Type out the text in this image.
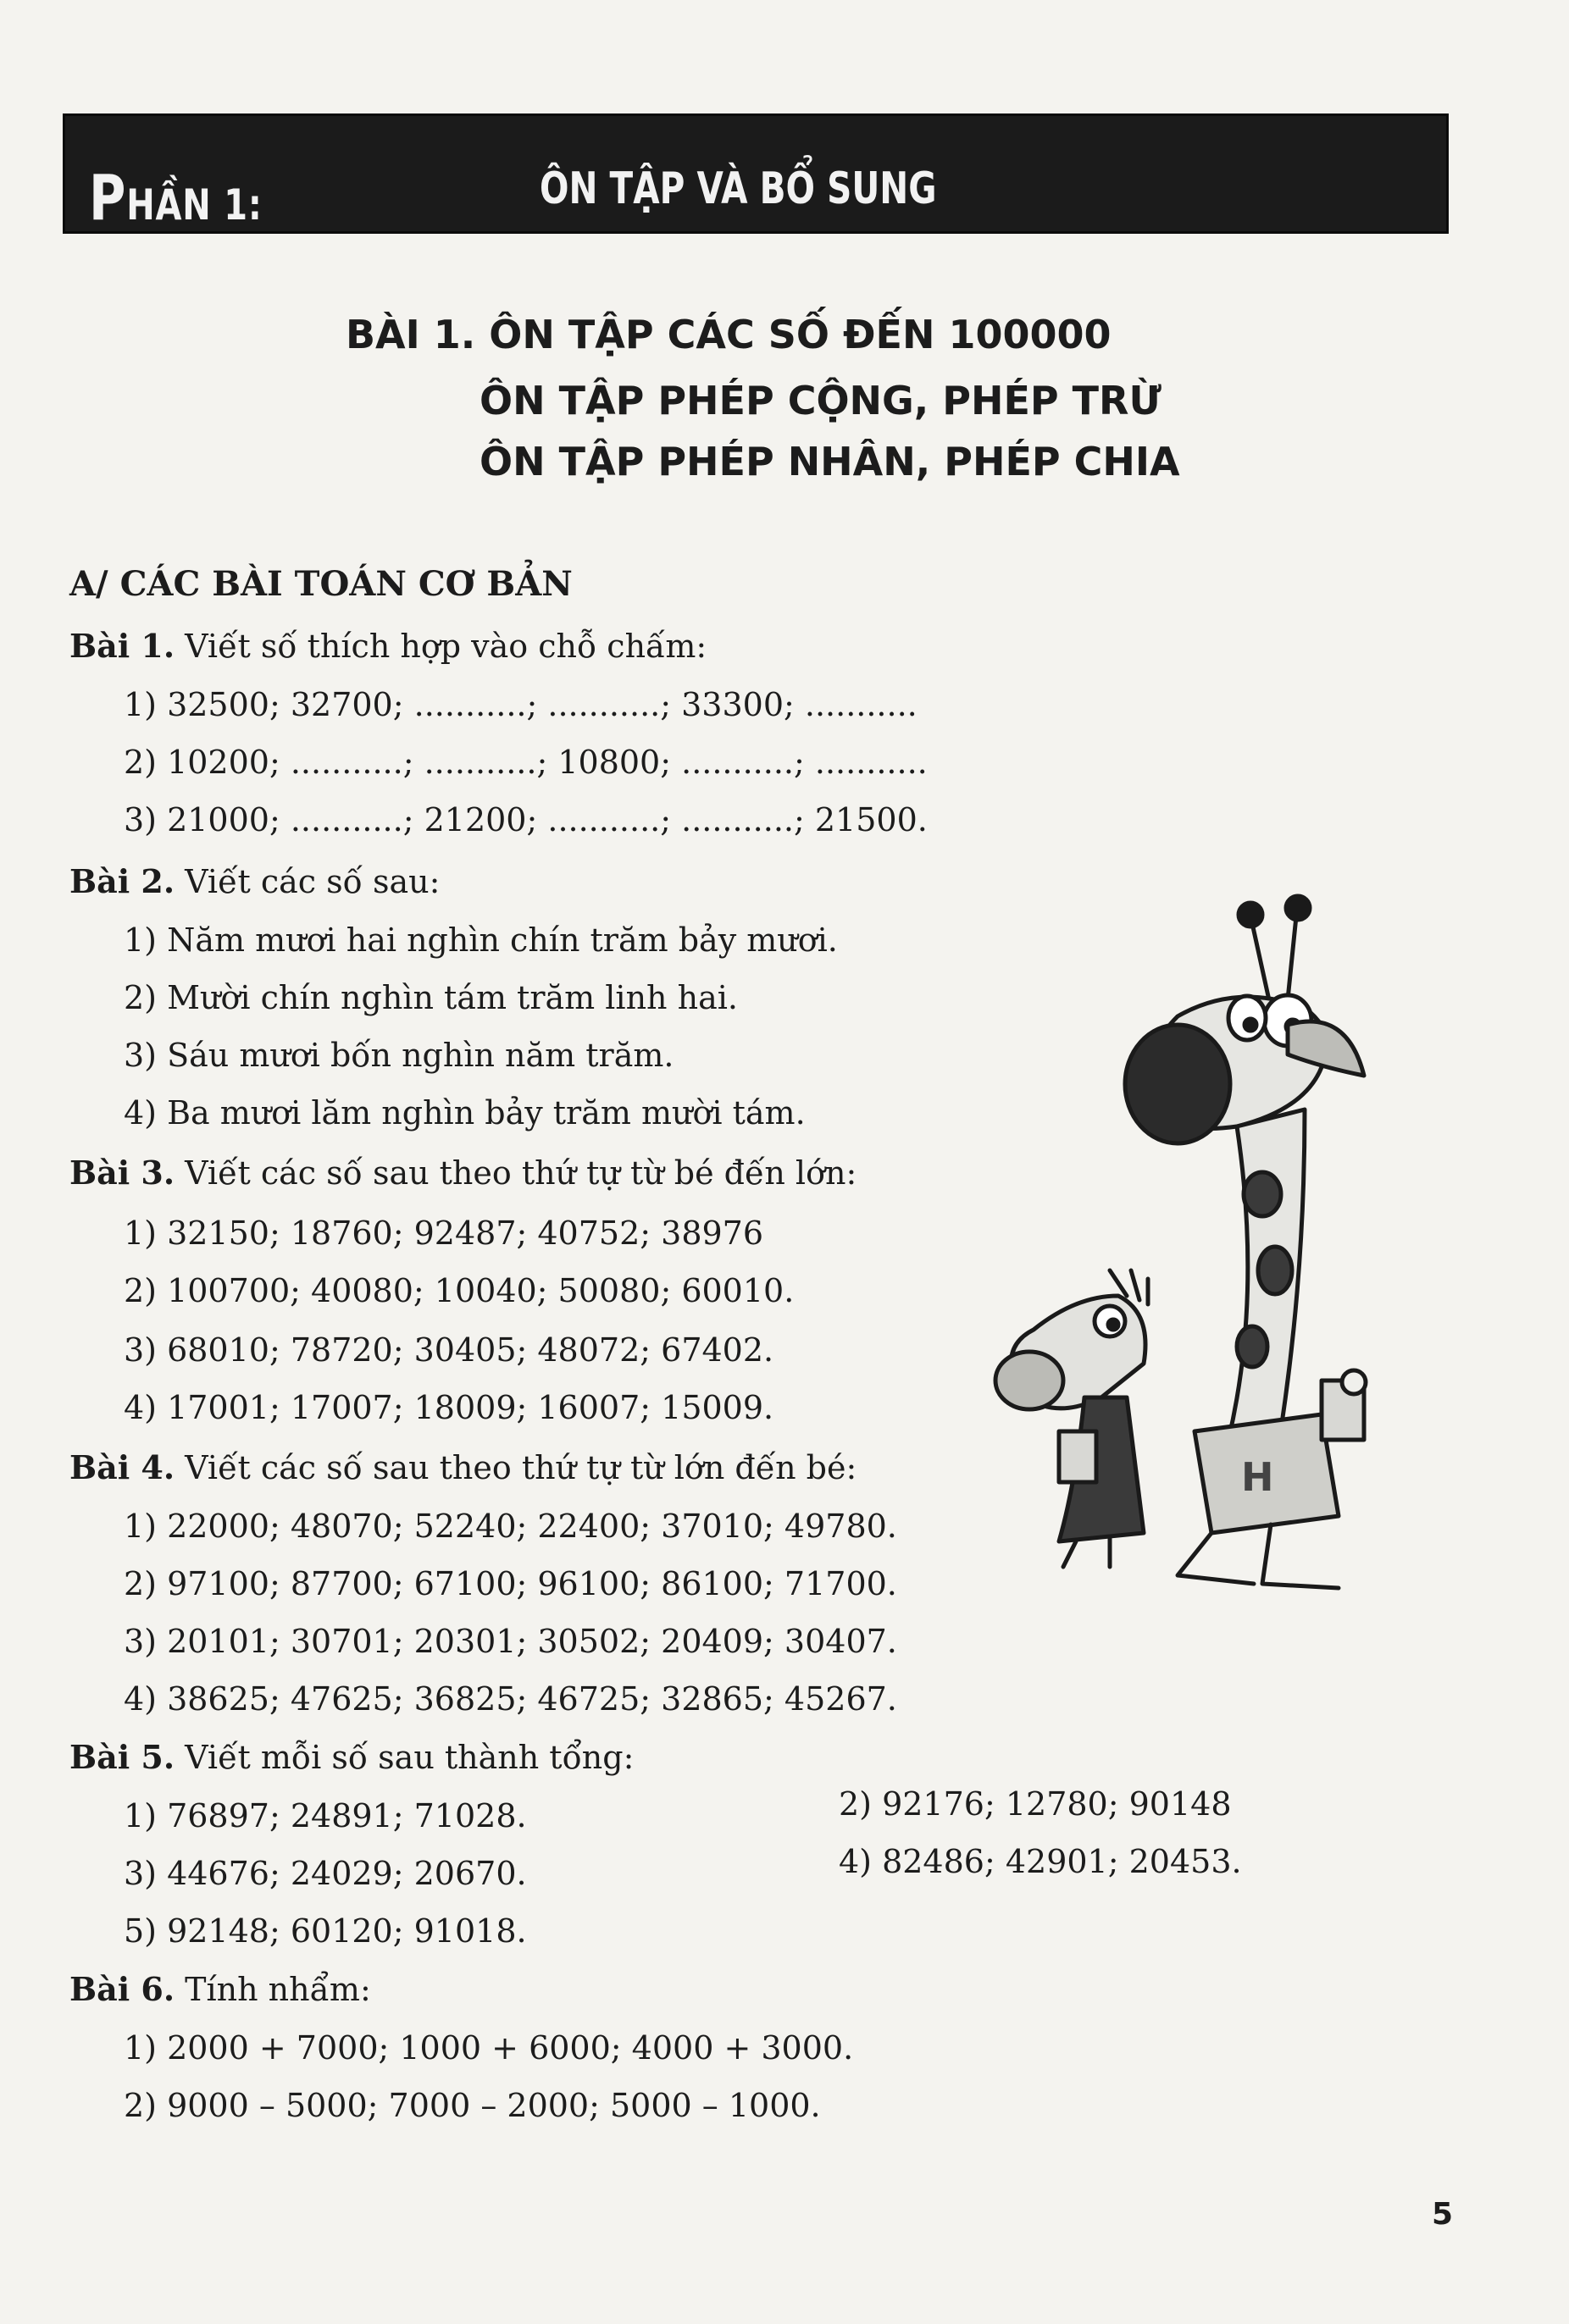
PHẦN 1:	ÔN TẬP VÀ BỔ SUNG
BÀI 1. ÔN TẬP CÁC SỐ ĐẾN 100000
ÔN TẬP PHÉP CỘNG, PHÉP TRỪ
ÔN TẬP PHÉP NHÂN, PHÉP CHIA
A/ CÁC BÀI TOÁN CƠ BẢN
Bài 1. Viết số thích hợp vào chỗ chấm:
1) 32500; 32700; ...........; ...........; 33300; ...........
2) 10200; ...........; ...........; 10800; ...........; ...........
3) 21000; ...........; 21200; ...........; ...........; 21500.
Bài 2. Viết các số sau:
1) Năm mươi hai nghìn chín trăm bảy mươi.
2) Mười chín nghìn tám trăm linh hai.
3) Sáu mươi bốn nghìn năm trăm.
4) Ba mươi lăm nghìn bảy trăm mười tám.
Bài 3. Viết các số sau theo thứ tự từ bé đến lớn:
1) 32150; 18760; 92487; 40752; 38976
2) 100700; 40080; 10040; 50080; 60010.
3) 68010; 78720; 30405; 48072; 67402.
4) 17001; 17007; 18009; 16007; 15009.
Bài 4. Viết các số sau theo thứ tự từ lớn đến bé:
1) 22000; 48070; 52240; 22400; 37010; 49780.
2) 97100; 87700; 67100; 96100; 86100; 71700.
3) 20101; 30701; 20301; 30502; 20409; 30407.
4) 38625; 47625; 36825; 46725; 32865; 45267.
Bài 5. Viết mỗi số sau thành tổng:
1) 76897; 24891; 71028.	2) 92176; 12780; 90148
3) 44676; 24029; 20670.	4) 82486; 42901; 20453.
5) 92148; 60120; 91018.
Bài 6. Tính nhẩm:
1) 2000 + 7000; 1000 + 6000; 4000 + 3000.
2) 9000 – 5000; 7000 – 2000; 5000 – 1000.
H
5
